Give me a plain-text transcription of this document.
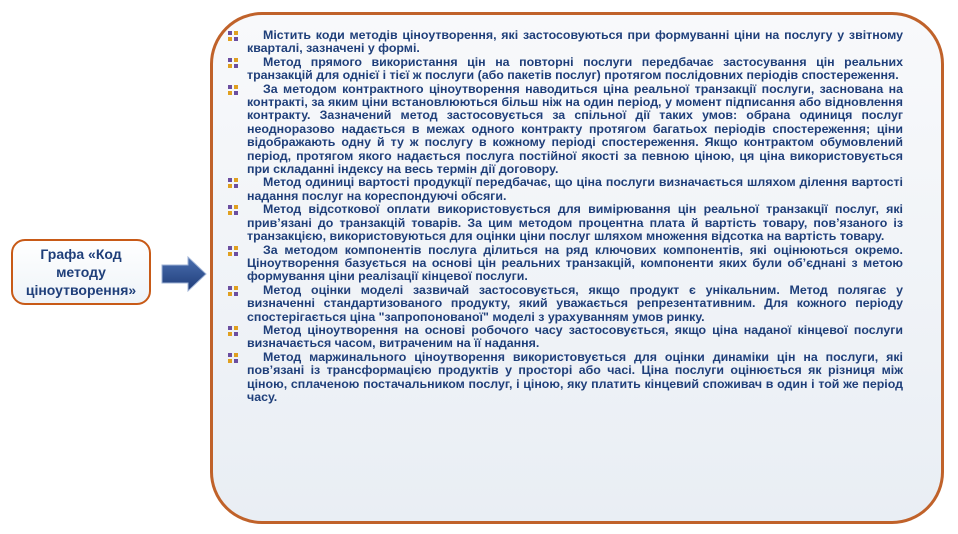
Графа «Код методу ціноутворення»
Містить коди методів ціноутворення, які застосовуються при формуванні ціни на послугу у звітному кварталі, зазначені у формі.
Метод прямого використання цін на повторні послуги передбачає застосування цін реальних транзакцій для однієї і тієї ж послуги (або пакетів послуг) протягом послідовних періодів спостереження.
За методом контрактного ціноутворення наводиться ціна реальної транзакції послуги, заснована на контракті, за яким ціни встановлюються більш ніж на один період, у момент підписання або відновлення контракту. Зазначений метод застосовується за спільної дії таких умов: обрана одиниця послуг неодноразово надається в межах одного контракту протягом багатьох періодів спостереження; ціни відображають одну й ту ж послугу в кожному періоді спостереження. Якщо контрактом обумовлений період, протягом якого надається послуга постійної якості за певною ціною, ця ціна використовується при складанні індексу на весь термін дії договору.
Метод одиниці вартості продукції передбачає, що ціна послуги визначається шляхом ділення вартості надання послуг на кореспондуючі обсяги.
Метод відсоткової оплати використовується для вимірювання цін реальної транзакції послуг, які прив’язані до транзакцій товарів. За цим методом процентна плата й вартість товару, пов’язаного із транзакцією, використовуються для оцінки ціни послуг шляхом множення відсотка на вартість товару.
За методом компонентів послуга ділиться на ряд ключових компонентів, які оцінюються окремо. Ціноутворення базується на основі цін реальних транзакцій, компоненти яких були об’єднані з метою формування ціни реалізації кінцевої послуги.
Метод оцінки моделі зазвичай застосовується, якщо продукт є унікальним. Метод полягає у визначенні стандартизованого продукту, який уважається репрезентативним. Для кожного періоду спостерігається ціна "запропонованої" моделі з урахуванням умов ринку.
Метод ціноутворення на основі робочого часу застосовується, якщо ціна наданої кінцевої послуги визначається часом, витраченим на її надання.
Метод маржинального ціноутворення використовується для оцінки динаміки цін на послуги, які пов’язані із трансформацією продуктів у просторі або часі. Ціна послуги оцінюється як різниця між ціною, сплаченою постачальником послуг, і ціною, яку платить кінцевий споживач в один і той же період часу.
